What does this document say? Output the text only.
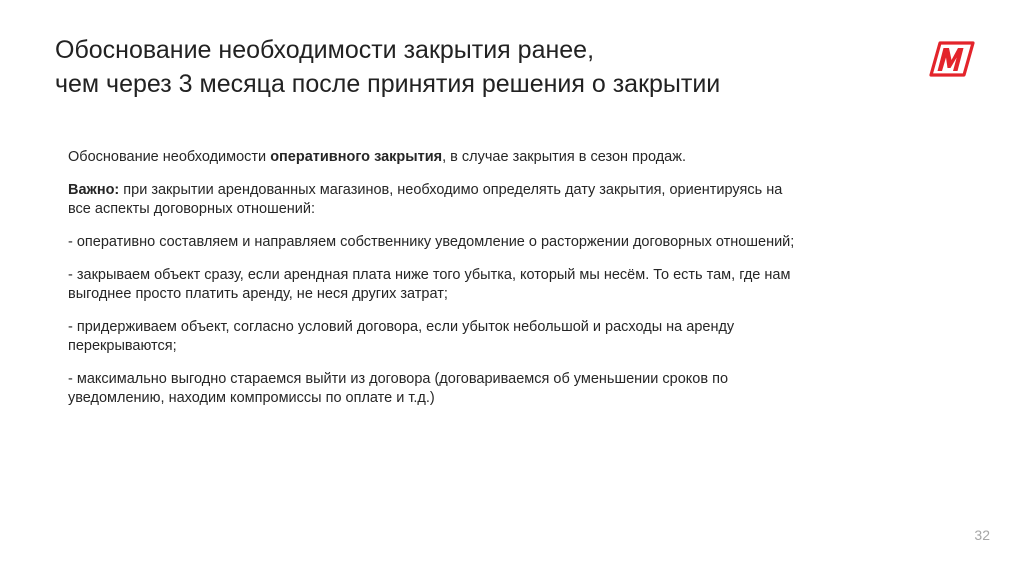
Обоснование необходимости закрытия ранее,
чем через 3 месяца после принятия решения о закрытии

Обоснование необходимости оперативного закрытия, в случае закрытия в сезон продаж.

Важно: при закрытии арендованных магазинов, необходимо определять дату закрытия, ориентируясь на все аспекты договорных отношений:

- оперативно составляем и направляем собственнику уведомление о расторжении договорных отношений;

- закрываем объект сразу, если арендная плата ниже того убытка, который мы несём. То есть там, где нам выгоднее просто платить аренду, не неся других затрат;

- придерживаем объект, согласно условий договора, если убыток небольшой и расходы на аренду перекрываются;

- максимально выгодно стараемся выйти из договора (договариваемся об уменьшении сроков по уведомлению, находим компромиссы по оплате и т.д.)

32
